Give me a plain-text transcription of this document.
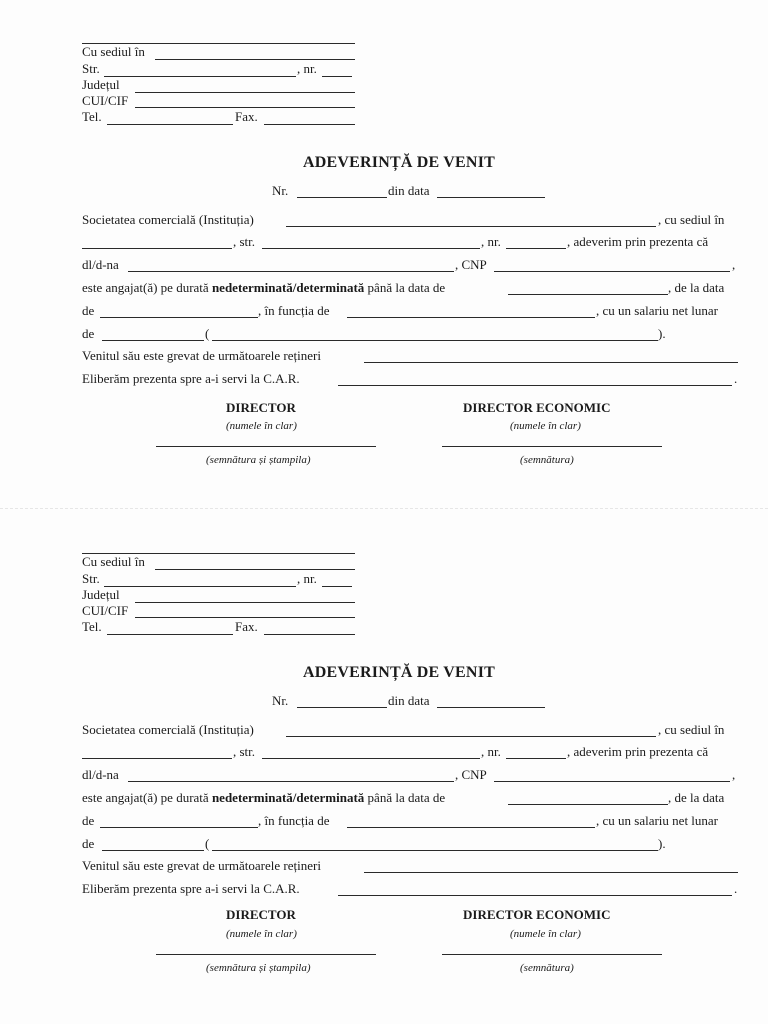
Cu sediul în
Str.	, nr.
Județul
CUI/CIF
Tel.	Fax.
ADEVERINȚĂ DE VENIT
Nr.	din data
Societatea comercială (Instituția)	, cu sediul în
, str.	, nr.	, adeverim prin prezenta că
dl/d-na	, CNP	,
este angajat(ă) pe durată nedeterminată/determinată până la data de	, de la data
de	, în funcția de	, cu un salariu net lunar
de	(	).
Venitul său este grevat de următoarele rețineri
Eliberăm prezenta spre a-i servi la C.A.R.	.
DIRECTOR
(numele în clar)
(semnătura și ștampila)
DIRECTOR ECONOMIC
(numele în clar)
(semnătura)
Cu sediul în
Str.	, nr.
Județul
CUI/CIF
Tel.	Fax.
ADEVERINȚĂ DE VENIT
Nr.	din data
Societatea comercială (Instituția)	, cu sediul în
, str.	, nr.	, adeverim prin prezenta că
dl/d-na	, CNP	,
este angajat(ă) pe durată nedeterminată/determinată până la data de	, de la data
de	, în funcția de	, cu un salariu net lunar
de	(	).
Venitul său este grevat de următoarele rețineri
Eliberăm prezenta spre a-i servi la C.A.R.	.
DIRECTOR
(numele în clar)
(semnătura și ștampila)
DIRECTOR ECONOMIC
(numele în clar)
(semnătura)
